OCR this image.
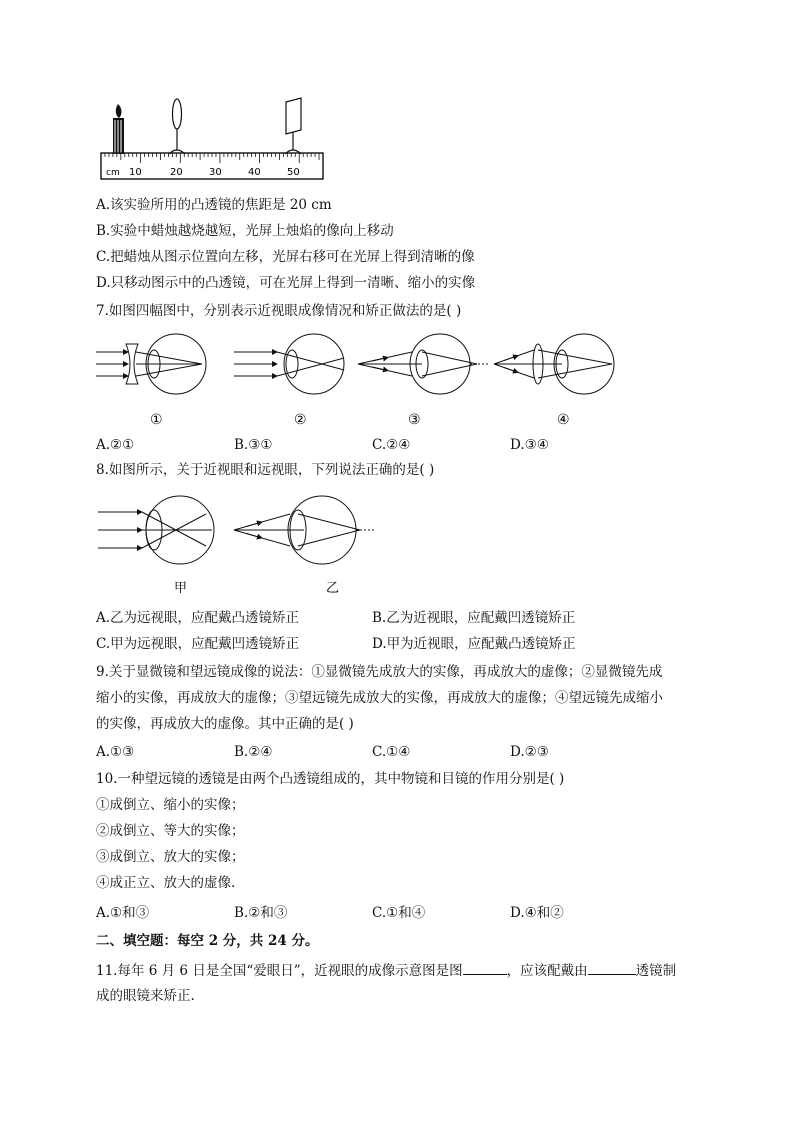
cm 10	20	30	40	50
A.该实验所用的凸透镜的焦距是 20 cm
B.实验中蜡烛越烧越短，光屏上烛焰的像向上移动
C.把蜡烛从图示位置向左移，光屏右移可在光屏上得到清晰的像
D.只移动图示中的凸透镜，可在光屏上得到一清晰、缩小的实像
7.如图四幅图中，分别表示近视眼成像情况和矫正做法的是( )
①	②	③	④
A.②①	B.③①	C.②④	D.③④
8.如图所示，关于近视眼和远视眼，下列说法正确的是( )
甲	乙
A.乙为远视眼，应配戴凸透镜矫正	B.乙为近视眼，应配戴凹透镜矫正
C.甲为远视眼，应配戴凹透镜矫正	D.甲为近视眼，应配戴凸透镜矫正
9.关于显微镜和望远镜成像的说法：①显微镜先成放大的实像，再成放大的虚像；②显微镜先成
缩小的实像，再成放大的虚像；③望远镜先成放大的实像，再成放大的虚像；④望远镜先成缩小
的实像，再成放大的虚像。其中正确的是( )
A.①③	B.②④	C.①④	D.②③
10.一种望远镜的透镜是由两个凸透镜组成的，其中物镜和目镜的作用分别是( )
①成倒立、缩小的实像；
②成倒立、等大的实像；
③成倒立、放大的实像；
④成正立、放大的虚像.
A.①和③	B.②和③	C.①和④	D.④和②
二、填空题：每空 2 分，共 24 分。
11.每年 6 月 6 日是全国“爱眼日”，近视眼的成像示意图是图	，应该配戴由	透镜制
成的眼镜来矫正.
